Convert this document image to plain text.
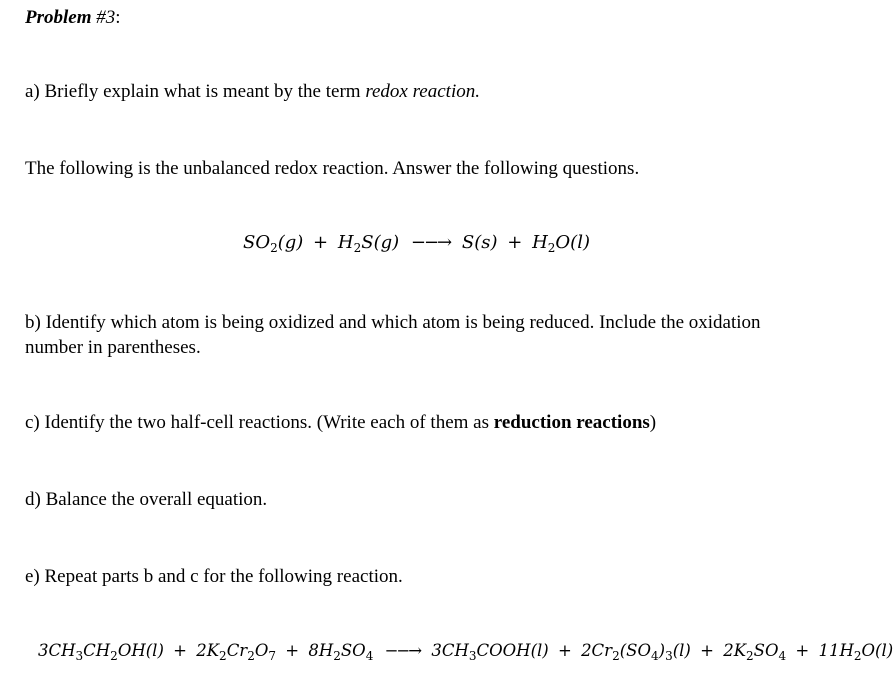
Problem #3:
a) Briefly explain what is meant by the term redox reaction.
The following is the unbalanced redox reaction. Answer the following questions.
$SO_2(g) + H_2S(g)$ −−→ $S(s) + H_2O(l)$
b) Identify which atom is being oxidized and which atom is being reduced. Include the oxidation
number in parentheses.
c) Identify the two half-cell reactions. (Write each of them as reduction reactions)
d) Balance the overall equation.
e) Repeat parts b and c for the following reaction.
$3CH_3CH_2OH(l) + 2K_2Cr_2O_7 + 8H_2SO_4$ −−→ $3CH_3COOH(l) + 2Cr_2(SO_4)_3(l) + 2K_2SO_4 + 11H_2O(l)$
